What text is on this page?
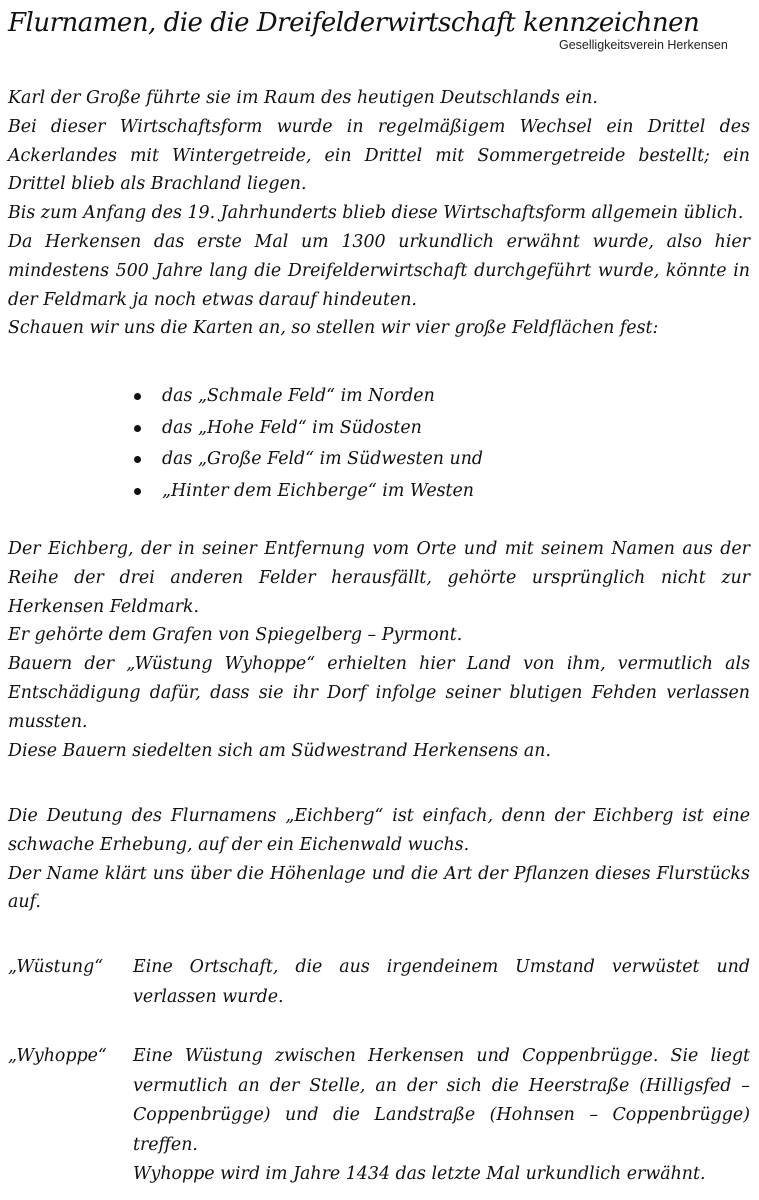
Flurnamen, die die Dreifelderwirtschaft kennzeichnen
Geselligkeitsverein Herkensen

Karl der Große führte sie im Raum des heutigen Deutschlands ein.

Bei dieser Wirtschaftsform wurde in regelmäßigem Wechsel ein Drittel des Ackerlandes mit Wintergetreide, ein Drittel mit Sommergetreide bestellt; ein Drittel blieb als Brachland liegen.

Bis zum Anfang des 19. Jahrhunderts blieb diese Wirtschaftsform allgemein üblich.

Da Herkensen das erste Mal um 1300 urkundlich erwähnt wurde, also hier mindestens 500 Jahre lang die Dreifelderwirtschaft durchgeführt wurde, könnte in der Feldmark ja noch etwas darauf hindeuten.

Schauen wir uns die Karten an, so stellen wir vier große Feldflächen fest:

das „Schmale Feld“ im Norden
das „Hohe Feld“ im Südosten
das „Große Feld“ im Südwesten und
„Hinter dem Eichberge“ im Westen

Der Eichberg, der in seiner Entfernung vom Orte und mit seinem Namen aus der Reihe der drei anderen Felder herausfällt, gehörte ursprünglich nicht zur Herkensen Feldmark.

Er gehörte dem Grafen von Spiegelberg – Pyrmont.

Bauern der „Wüstung Wyhoppe“ erhielten hier Land von ihm, vermutlich als Entschädigung dafür, dass sie ihr Dorf infolge seiner blutigen Fehden verlassen mussten.

Diese Bauern siedelten sich am Südwestrand Herkensens an.

Die Deutung des Flurnamens „Eichberg“ ist einfach, denn der Eichberg ist eine schwache Erhebung, auf der ein Eichenwald wuchs.

Der Name klärt uns über die Höhenlage und die Art der Pflanzen dieses Flurstücks auf.

„Wüstung“	Eine Ortschaft, die aus irgendeinem Umstand verwüstet und verlassen wurde.

„Wyhoppe“	Eine Wüstung zwischen Herkensen und Coppenbrügge. Sie liegt vermutlich an der Stelle, an der sich die Heerstraße (Hilligsfed – Coppenbrügge) und die Landstraße (Hohnsen – Coppenbrügge) treffen.

Wyhoppe wird im Jahre 1434 das letzte Mal urkundlich erwähnt.
